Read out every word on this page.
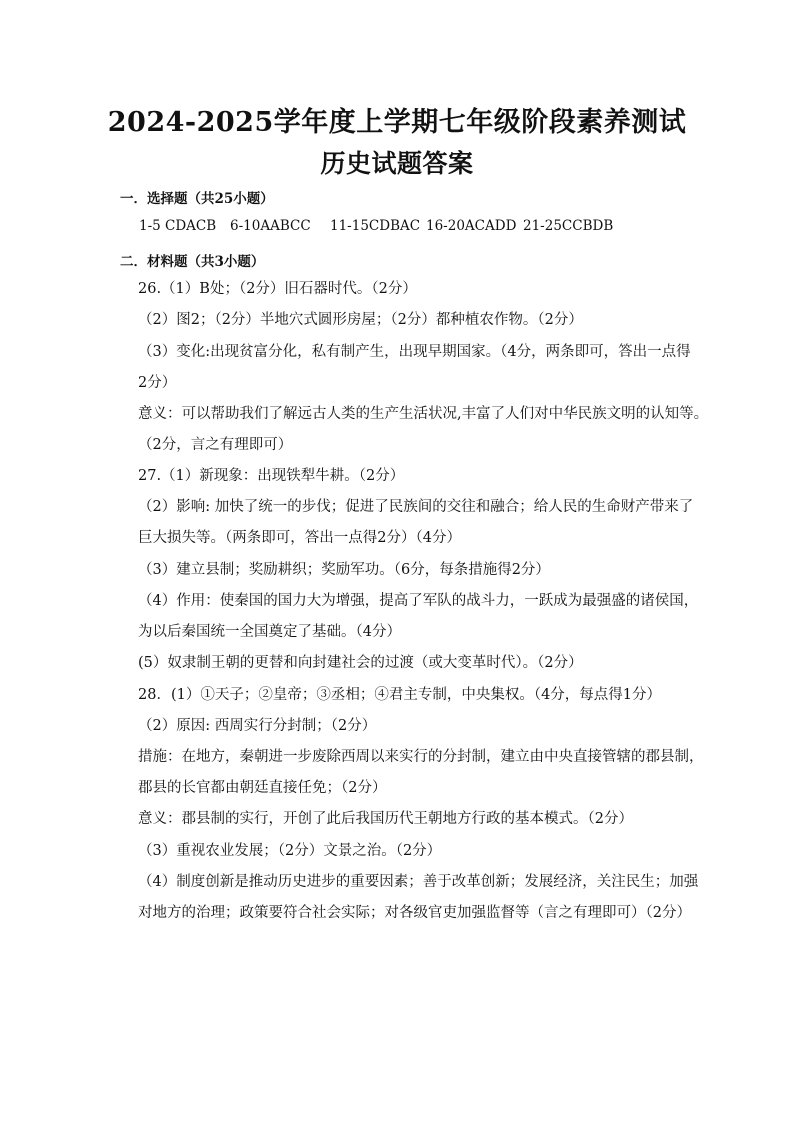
2024-2025学年度上学期七年级阶段素养测试
历史试题答案
一．选择题（共25小题）
1-5 CDACB 6-10AABCC 11-15CDBAC 16-20ACADD 21-25CCBDB
二．材料题（共3小题）
26.（1）B处；（2分）旧石器时代。（2分）
（2）图2；（2分）半地穴式圆形房屋；（2分）都种植农作物。（2分）
（3）变化:出现贫富分化，私有制产生，出现早期国家。（4分，两条即可，答出一点得
2分）
意义：可以帮助我们了解远古人类的生产生活状况,丰富了人们对中华民族文明的认知等。
（2分，言之有理即可）
27.（1）新现象：出现铁犁牛耕。（2分）
（2）影响: 加快了统一的步伐；促进了民族间的交往和融合；给人民的生命财产带来了
巨大损失等。（两条即可，答出一点得2分）（4分）
（3）建立县制；奖励耕织；奖励军功。（6分，每条措施得2分）
（4）作用：使秦国的国力大为增强，提高了军队的战斗力，一跃成为最强盛的诸侯国，
为以后秦国统一全国奠定了基础。（4分）
(5）奴隶制王朝的更替和向封建社会的过渡（或大变革时代）。（2分）
28．(1）①天子；②皇帝；③丞相；④君主专制，中央集权。（4分，每点得1分）
（2）原因: 西周实行分封制；（2分）
措施：在地方，秦朝进一步废除西周以来实行的分封制，建立由中央直接管辖的郡县制，
郡县的长官都由朝廷直接任免；（2分）
意义：郡县制的实行，开创了此后我国历代王朝地方行政的基本模式。（2分）
（3）重视农业发展；（2分）文景之治。（2分）
（4）制度创新是推动历史进步的重要因素；善于改革创新；发展经济，关注民生；加强
对地方的治理；政策要符合社会实际；对各级官吏加强监督等（言之有理即可）（2分）
